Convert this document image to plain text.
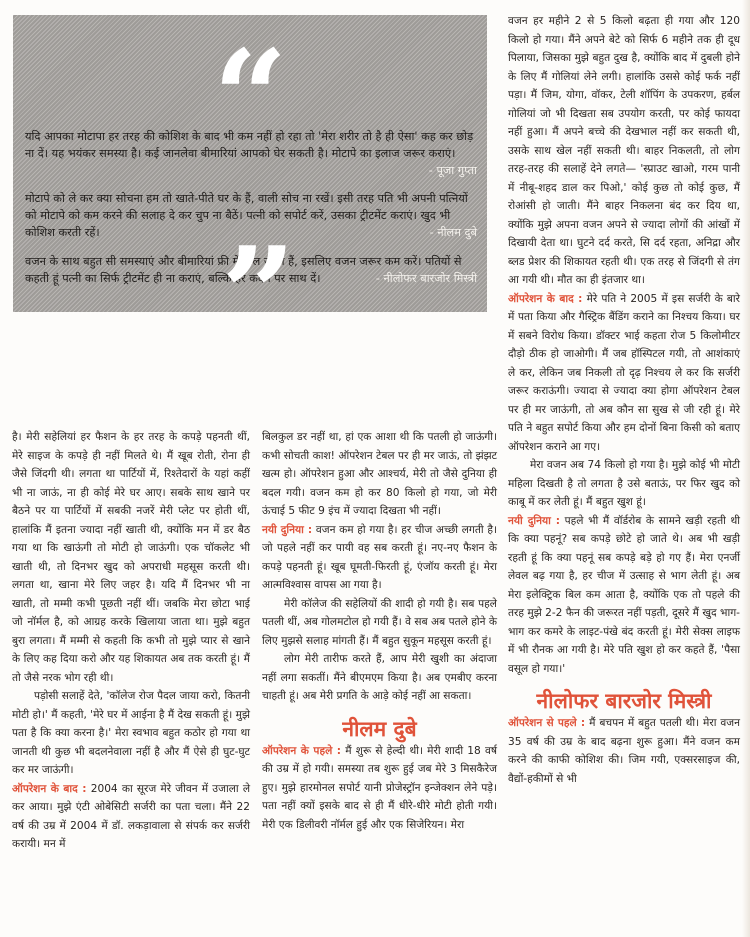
“

यदि आपका मोटापा हर तरह की कोशिश के बाद भी कम नहीं हो रहा तो 'मेरा शरीर तो है ही ऐसा' कह कर छोड़ ना दें। यह भयंकर समस्या है। कई जानलेवा बीमारियां आपको घेर सकती है। मोटापे का इलाज जरूर कराएं।
- पूजा गुप्ता

मोटापे को ले कर क्या सोचना हम तो खाते-पीते घर के हैं, वाली सोच ना रखें। इसी तरह पति भी अपनी पत्नियों को मोटापे को कम करने की सलाह दे कर चुप ना बैठें। पत्नी को सपोर्ट करें, उसका ट्रीटमेंट कराएं। खुद भी कोशिश करती रहें।	- नीलम दुबे

वजन के साथ बहुत सी समस्याएं और बीमारियां फ्री में मिल जाती हैं, इसलिए वजन जरूर कम करें। पतियों से कहती हूं पत्नी का सिर्फ ट्रीटमेंट ही ना कराएं, बल्कि हर कदम पर साथ दें।	- नीलोफर बारजोर मिस्त्री

”

है। मेरी सहेलियां हर फैशन के हर तरह के कपड़े पहनती थीं, मेरे साइज के कपड़े ही नहीं मिलते थे। मैं खूब रोती, रोना ही जैसे जिंदगी थी। लगता था पार्टियों में, रिश्तेदारों के यहां कहीं भी ना जाऊं, ना ही कोई मेरे घर आए। सबके साथ खाने पर बैठने पर या पार्टियों में सबकी नजरें मेरी प्लेट पर होती थीं, हालांकि मैं इतना ज्यादा नहीं खाती थी, क्योंकि मन में डर बैठ गया था कि खाऊंगी तो मोटी हो जाऊंगी। एक चॉकलेट भी खाती थी, तो दिनभर खुद को अपराधी महसूस करती थी। लगता था, खाना मेरे लिए जहर है। यदि मैं दिनभर भी ना खाती, तो मम्मी कभी पूछती नहीं थीं। जबकि मेरा छोटा भाई जो नॉर्मल है, को आग्रह करके खिलाया जाता था। मुझे बहुत बुरा लगता। मैं मम्मी से कहती कि कभी तो मुझे प्यार से खाने के लिए कह दिया करो और यह शिकायत अब तक करती हूं। मैं तो जैसे नरक भोग रही थी।

पड़ोसी सलाहें देते, 'कॉलेज रोज पैदल जाया करो, कितनी मोटी हो।' मैं कहती, 'मेरे घर में आईना है मैं देख सकती हूं। मुझे पता है कि क्या करना है।' मेरा स्वभाव बहुत कठोर हो गया था जानती थी कुछ भी बदलनेवाला नहीं है और मैं ऐसे ही घुट-घुट कर मर जाऊंगी।

ऑपरेशन के बाद : 2004 का सूरज मेरे जीवन में उजाला ले कर आया। मुझे एंटी ओबेसिटी सर्जरी का पता चला। मैंने 22 वर्ष की उम्र में 2004 में डॉ. लकड़ावाला से संपर्क कर सर्जरी करायी। मन में

बिलकुल डर नहीं था, हां एक आशा थी कि पतली हो जाऊंगी। कभी सोचती काश! ऑपरेशन टेबल पर ही मर जाऊं, तो झंझट खत्म हो। ऑपरेशन हुआ और आश्चर्य, मेरी तो जैसे दुनिया ही बदल गयी। वजन कम हो कर 80 किलो हो गया, जो मेरी ऊंचाई 5 फीट 9 इंच में ज्यादा दिखता भी नहीं।

नयी दुनिया : वजन कम हो गया है। हर चीज अच्छी लगती है। जो पहले नहीं कर पायी वह सब करती हूं। नए-नए फैशन के कपड़े पहनती हूं। खूब घूमती-फिरती हूं, एंजॉय करती हूं। मेरा आत्मविश्वास वापस आ गया है।

मेरी कॉलेज की सहेलियों की शादी हो गयी है। सब पहले पतली थीं, अब गोलमटोल हो गयी हैं। वे सब अब पतले होने के लिए मुझसे सलाह मांगती हैं। मैं बहुत सुकून महसूस करती हूं।

लोग मेरी तारीफ करते हैं, आप मेरी खुशी का अंदाजा नहीं लगा सकतीं। मैंने बीएमएम किया है। अब एमबीए करना चाहती हूं। अब मेरी प्रगति के आड़े कोई नहीं आ सकता।

नीलम दुबे

ऑपरेशन के पहले : मैं शुरू से हेल्दी थी। मेरी शादी 18 वर्ष की उम्र में हो गयी। समस्या तब शुरू हुई जब मेरे 3 मिसकैरेज हुए। मुझे हारमोनल सपोर्ट यानी प्रोजेस्ट्रॉन इन्जेक्शन लेने पड़े। पता नहीं क्यों इसके बाद से ही मैं धीरे-धीरे मोटी होती गयी। मेरी एक डिलीवरी नॉर्मल हुई और एक सिजेरियन। मेरा

वजन हर महीने 2 से 5 किलो बढ़ता ही गया और 120 किलो हो गया। मैंने अपने बेटे को सिर्फ 6 महीने तक ही दूध पिलाया, जिसका मुझे बहुत दुख है, क्योंकि बाद में दुबली होने के लिए मैं गोलियां लेने लगी। हालांकि उससे कोई फर्क नहीं पड़ा। मैं जिम, योगा, वॉकर, टेली शॉपिंग के उपकरण, हर्बल गोलियां जो भी दिखता सब उपयोग करती, पर कोई फायदा नहीं हुआ। मैं अपने बच्चे की देखभाल नहीं कर सकती थी, उसके साथ खेल नहीं सकती थी। बाहर निकलती, तो लोग तरह-तरह की सलाहें देने लगते— 'स्प्राउट खाओ, गरम पानी में नीबू-शहद डाल कर पिओ,' कोई कुछ तो कोई कुछ, मैं रोआंसी हो जाती। मैंने बाहर निकलना बंद कर दिय था, क्योंकि मुझे अपना वजन अपने से ज्यादा लोगों की आंखों में दिखायी देता था। घुटने दर्द करते, सि दर्द रहता, अनिद्रा और ब्लड प्रेशर की शिकायत रहती थी। एक तरह से जिंदगी से तंग आ गयी थी। मौत का ही इंतजार था।

ऑपरेशन के बाद : मेरे पति ने 2005 में इस सर्जरी के बारे में पता किया और गैस्ट्रिक बैंडिंग कराने का निश्चय किया। घर में सबने विरोध किया। डॉक्टर भाई कहता रोज 5 किलोमीटर दौड़ो ठीक हो जाओगी। मैं जब हॉस्पिटल गयी, तो आशंकाएं ले कर, लेकिन जब निकली तो दृढ़ निश्चय ले कर कि सर्जरी जरूर कराऊंगी। ज्यादा से ज्यादा क्या होगा ऑपरेशन टेबल पर ही मर जाऊंगी, तो अब कौन सा सुख से जी रही हूं। मेरे पति ने बहुत सपोर्ट किया और हम दोनों बिना किसी को बताए ऑपरेशन कराने आ गए।

मेरा वजन अब 74 किलो हो गया है। मुझे कोई भी मोटी महिला दिखती है तो लगता है उसे बताऊं, पर फिर खुद को काबू में कर लेती हूं। मैं बहुत खुश हूं।

नयी दुनिया : पहले भी मैं वॉर्डरोब के सामने खड़ी रहती थी कि क्या पहनूं? सब कपड़े छोटे हो जाते थे। अब भी खड़ी रहती हूं कि क्या पहनूं सब कपड़े बड़े हो गए हैं। मेरा एनर्जी लेवल बढ़ गया है, हर चीज में उत्साह से भाग लेती हूं। अब मेरा इलेक्ट्रिक बिल कम आता है, क्योंकि एक तो पहले की तरह मुझे 2-2 फैन की जरूरत नहीं पड़ती, दूसरे मैं खुद भाग-भाग कर कमरे के लाइट-पंखे बंद करती हूं। मेरी सेक्स लाइफ में भी रौनक आ गयी है। मेरे पति खुश हो कर कहते हैं, 'पैसा वसूल हो गया।'

नीलोफर बारजोर मिस्त्री

ऑपरेशन से पहले : मैं बचपन में बहुत पतली थी। मेरा वजन 35 वर्ष की उम्र के बाद बढ़ना शुरू हुआ। मैंने वजन कम करने की काफी कोशिश की। जिम गयी, एक्सरसाइज की, वैद्यों-हकीमों से भी
